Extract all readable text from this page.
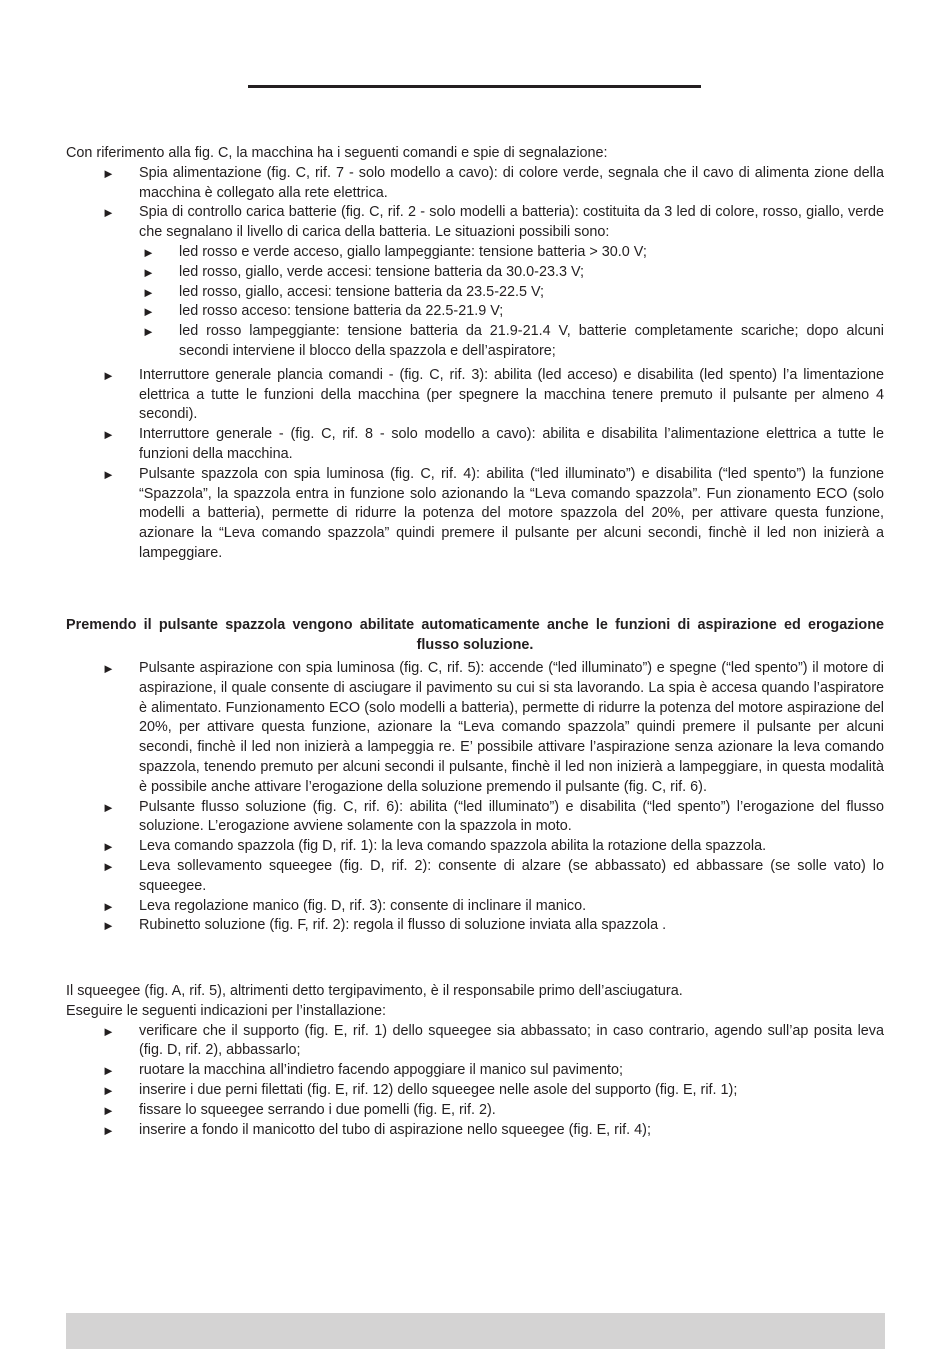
Con riferimento alla fig. C, la macchina ha i seguenti comandi e spie di segnalazione:

► Spia alimentazione (fig. C, rif. 7 - solo modello a cavo): di colore verde, segnala che il cavo di alimenta zione della macchina è collegato alla rete elettrica.
► Spia di controllo carica batterie (fig. C, rif. 2 - solo modelli a batteria): costituita da 3 led di colore, rosso, giallo, verde che segnalano il livello di carica della batteria. Le situazioni possibili sono:
► led rosso e verde acceso, giallo lampeggiante: tensione batteria > 30.0 V;
► led rosso, giallo, verde accesi: tensione batteria da 30.0-23.3 V;
► led rosso, giallo, accesi: tensione batteria da 23.5-22.5 V;
► led rosso acceso: tensione batteria da 22.5-21.9 V;
► led rosso lampeggiante: tensione batteria da 21.9-21.4 V, batterie completamente scariche; dopo alcuni secondi interviene il blocco della spazzola e dell’aspiratore;
► Interruttore generale plancia comandi - (fig. C, rif. 3): abilita (led acceso) e disabilita (led spento) l’a limentazione elettrica a tutte le funzioni della macchina (per spegnere la macchina tenere premuto il pulsante per almeno 4 secondi).
► Interruttore generale - (fig. C, rif. 8 - solo modello a cavo): abilita e disabilita l’alimentazione elettrica a tutte le funzioni della macchina.
► Pulsante spazzola con spia luminosa (fig. C, rif. 4): abilita (“led illuminato”) e disabilita (“led spento”) la funzione “Spazzola”, la spazzola entra in funzione solo azionando la “Leva comando spazzola”. Fun zionamento ECO (solo modelli a batteria), permette di ridurre la potenza del motore spazzola del 20%, per attivare questa funzione, azionare la “Leva comando spazzola” quindi premere il pulsante per alcuni secondi, finchè il led non inizierà a lampeggiare.

Premendo il pulsante spazzola vengono abilitate automaticamente anche le funzioni di aspirazione ed erogazione flusso soluzione.

► Pulsante aspirazione con spia luminosa (fig. C, rif. 5): accende (“led illuminato”) e spegne (“led spento”) il motore di aspirazione, il quale consente di asciugare il pavimento su cui si sta lavorando. La spia è accesa quando l’aspiratore è alimentato. Funzionamento ECO (solo modelli a batteria), permette di ridurre la potenza del motore aspirazione del 20%, per attivare questa funzione, azionare la “Leva comando spazzola” quindi premere il pulsante per alcuni secondi, finchè il led non inizierà a lampeggia re. E’ possibile attivare l’aspirazione senza azionare la leva comando spazzola, tenendo premuto per alcuni secondi il pulsante, finchè il led non inizierà a lampeggiare, in questa modalità è possibile anche attivare l’erogazione della soluzione premendo il pulsante (fig. C, rif. 6).
► Pulsante flusso soluzione (fig. C, rif. 6): abilita (“led illuminato”) e disabilita (“led spento”) l’erogazione del flusso soluzione. L’erogazione avviene solamente con la spazzola in moto.
► Leva comando spazzola (fig D, rif. 1): la leva comando spazzola abilita la rotazione della spazzola.
► Leva sollevamento squeegee (fig. D, rif. 2): consente di alzare (se abbassato) ed abbassare (se solle vato) lo squeegee.
► Leva regolazione manico (fig. D, rif. 3): consente di inclinare il manico.
► Rubinetto soluzione (fig. F, rif. 2): regola il flusso di soluzione inviata alla spazzola .

Il squeegee (fig. A, rif. 5), altrimenti detto tergipavimento, è il responsabile primo dell’asciugatura.

Eseguire le seguenti indicazioni per l’installazione:

► verificare che il supporto (fig. E, rif. 1) dello squeegee sia abbassato; in caso contrario, agendo sull’ap posita leva (fig. D, rif. 2), abbassarlo;
► ruotare la macchina all’indietro facendo appoggiare il manico sul pavimento;
► inserire i due perni filettati (fig. E, rif. 12) dello squeegee nelle asole del supporto (fig. E, rif. 1);
► fissare lo squeegee serrando i due pomelli (fig. E, rif. 2).
► inserire a fondo il manicotto del tubo di aspirazione nello squeegee (fig. E, rif. 4);
